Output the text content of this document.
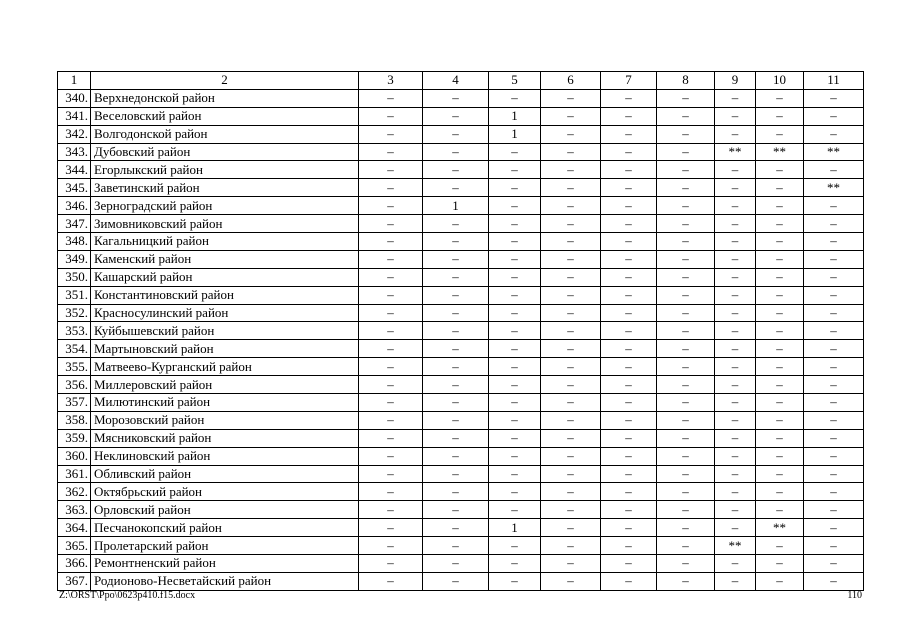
1	2	3	4	5	6	7	8	9	10	11
340.	Верхнедонской район	–	–	–	–	–	–	–	–	–
341.	Веселовский район	–	–	1	–	–	–	–	–	–
342.	Волгодонской район	–	–	1	–	–	–	–	–	–
343.	Дубовский район	–	–	–	–	–	–	**	**	**
344.	Егорлыкский район	–	–	–	–	–	–	–	–	–
345.	Заветинский район	–	–	–	–	–	–	–	–	**
346.	Зерноградский район	–	1	–	–	–	–	–	–	–
347.	Зимовниковский район	–	–	–	–	–	–	–	–	–
348.	Кагальницкий район	–	–	–	–	–	–	–	–	–
349.	Каменский район	–	–	–	–	–	–	–	–	–
350.	Кашарский район	–	–	–	–	–	–	–	–	–
351.	Константиновский район	–	–	–	–	–	–	–	–	–
352.	Красносулинский район	–	–	–	–	–	–	–	–	–
353.	Куйбышевский район	–	–	–	–	–	–	–	–	–
354.	Мартыновский район	–	–	–	–	–	–	–	–	–
355.	Матвеево-Курганский район	–	–	–	–	–	–	–	–	–
356.	Миллеровский район	–	–	–	–	–	–	–	–	–
357.	Милютинский район	–	–	–	–	–	–	–	–	–
358.	Морозовский район	–	–	–	–	–	–	–	–	–
359.	Мясниковский район	–	–	–	–	–	–	–	–	–
360.	Неклиновский район	–	–	–	–	–	–	–	–	–
361.	Обливский район	–	–	–	–	–	–	–	–	–
362.	Октябрьский район	–	–	–	–	–	–	–	–	–
363.	Орловский район	–	–	–	–	–	–	–	–	–
364.	Песчанокопский район	–	–	1	–	–	–	–	**	–
365.	Пролетарский район	–	–	–	–	–	–	**	–	–
366.	Ремонтненский район	–	–	–	–	–	–	–	–	–
367.	Родионово-Несветайский район	–	–	–	–	–	–	–	–	–
Z:\ORST\Ppo\0623p410.f15.docx	110
